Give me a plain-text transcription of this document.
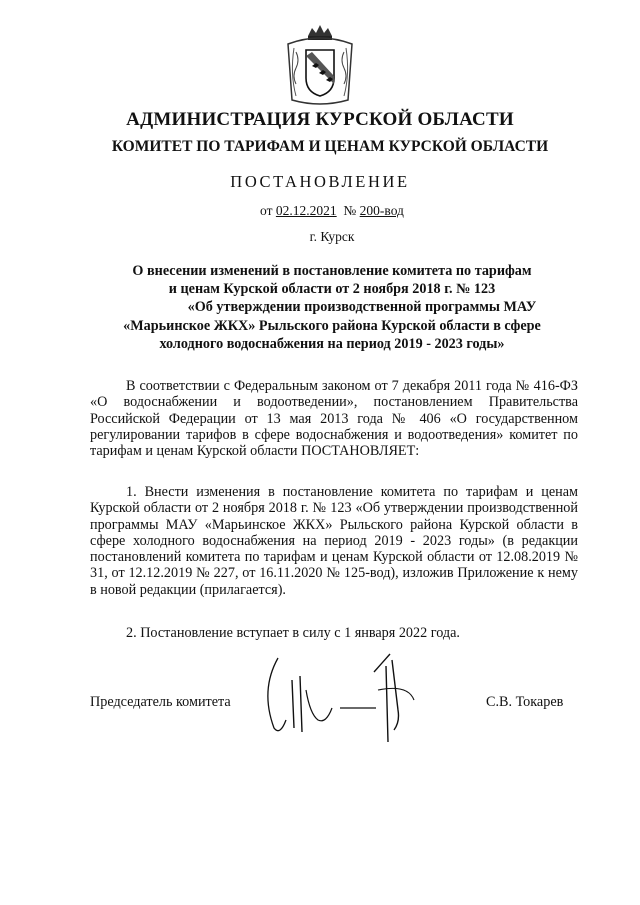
АДМИНИСТРАЦИЯ КУРСКОЙ ОБЛАСТИ
КОМИТЕТ ПО ТАРИФАМ И ЦЕНАМ КУРСКОЙ ОБЛАСТИ
ПОСТАНОВЛЕНИЕ
от 02.12.2021 № 200-вод
г. Курск
О внесении изменений в постановление комитета по тарифам
и ценам Курской области от 2 ноября 2018 г. № 123
«Об утверждении производственной программы МАУ
«Марьинское ЖКХ» Рыльского района Курской области в сфере
холодного водоснабжения на период 2019 - 2023 годы»
В соответствии с Федеральным законом от 7 декабря 2011 года № 416-ФЗ «О водоснабжении и водоотведении», постановлением Правительства Российской Федерации от 13 мая 2013 года № 406 «О государственном регулировании тарифов в сфере водоснабжения и водоотведения» комитет по тарифам и ценам Курской области ПОСТАНОВЛЯЕТ:
1. Внести изменения в постановление комитета по тарифам и ценам Курской области от 2 ноября 2018 г. № 123 «Об утверждении производственной программы МАУ «Марьинское ЖКХ» Рыльского района Курской области в сфере холодного водоснабжения на период 2019 - 2023 годы» (в редакции постановлений комитета по тарифам и ценам Курской области от 12.08.2019 № 31, от 12.12.2019 № 227, от 16.11.2020 № 125-вод), изложив Приложение к нему в новой редакции (прилагается).
2. Постановление вступает в силу с 1 января 2022 года.
Председатель комитета	С.В. Токарев
